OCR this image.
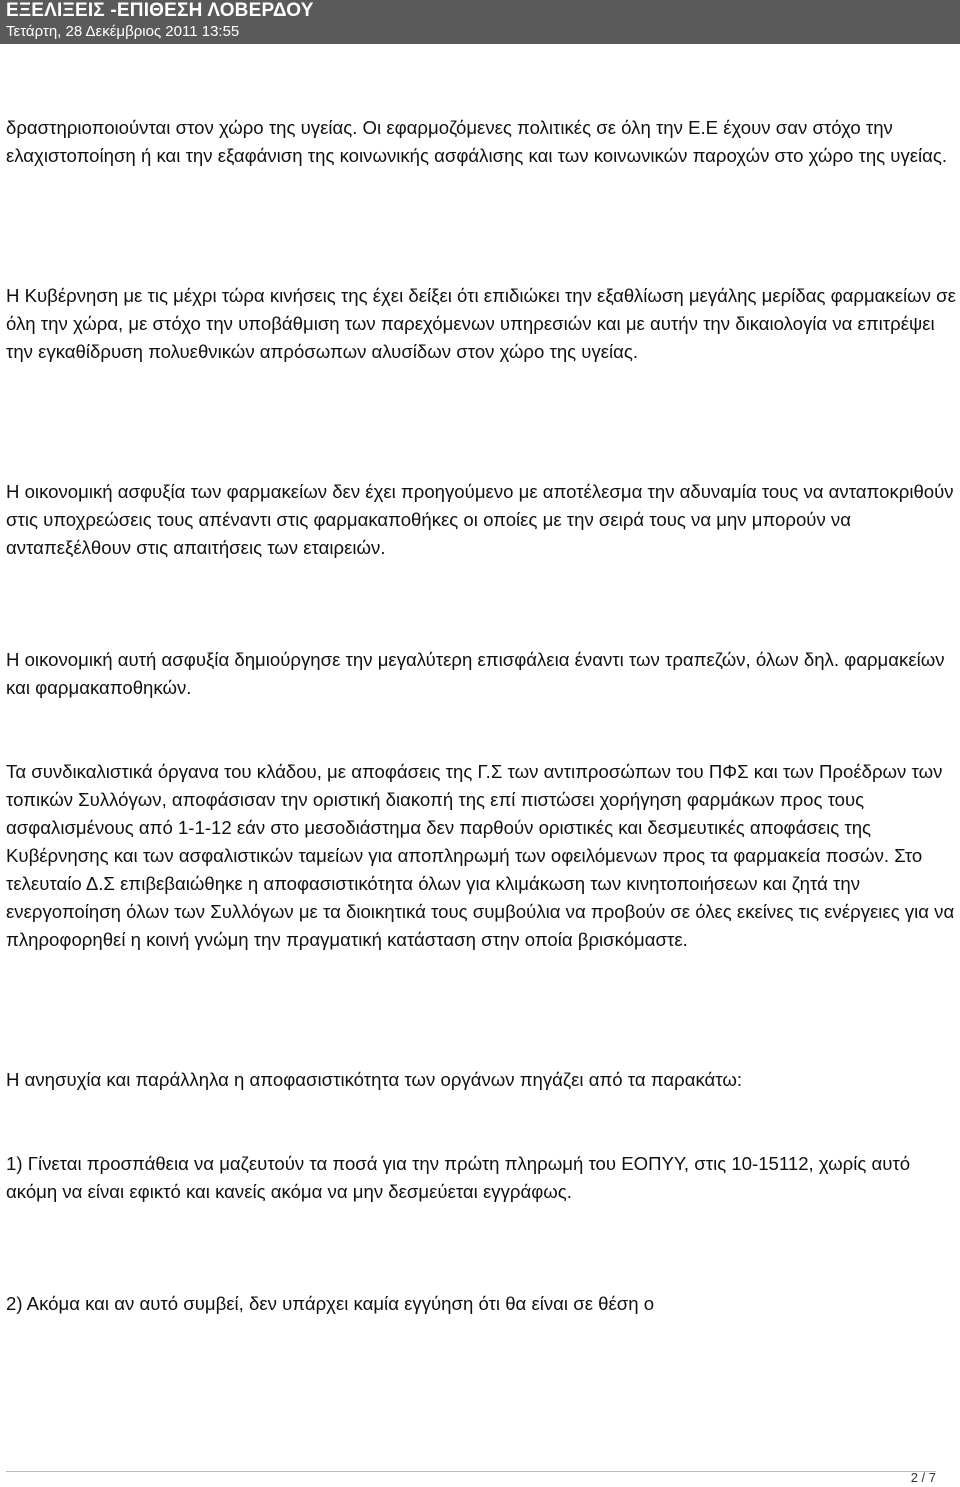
ΕΞΕΛΙΞΕΙΣ -ΕΠΙΘΕΣΗ ΛΟΒΕΡΔΟΥ
Τετάρτη, 28 Δεκέμβριος 2011 13:55

δραστηριοποιούνται στον χώρο της υγείας. Οι εφαρμοζόμενες πολιτικές σε όλη την Ε.Ε έχουν σαν στόχο την ελαχιστοποίηση ή και την εξαφάνιση της κοινωνικής ασφάλισης και των κοινωνικών παροχών στο χώρο της υγείας.

Η Κυβέρνηση με τις μέχρι τώρα κινήσεις της έχει δείξει ότι επιδιώκει την εξαθλίωση μεγάλης μερίδας φαρμακείων σε όλη την χώρα, με στόχο την υποβάθμιση των παρεχόμενων υπηρεσιών και με αυτήν την δικαιολογία να επιτρέψει την εγκαθίδρυση πολυεθνικών απρόσωπων αλυσίδων στον χώρο της υγείας.

Η οικονομική ασφυξία των φαρμακείων δεν έχει προηγούμενο με αποτέλεσμα την αδυναμία τους να ανταποκριθούν στις υποχρεώσεις τους απέναντι στις φαρμακαποθήκες οι οποίες με την σειρά τους να μην μπορούν να ανταπεξέλθουν στις απαιτήσεις των εταιρειών.

Η οικονομική αυτή ασφυξία δημιούργησε την μεγαλύτερη επισφάλεια έναντι των τραπεζών, όλων δηλ. φαρμακείων και φαρμακαποθηκών.

Τα συνδικαλιστικά όργανα του κλάδου, με αποφάσεις της Γ.Σ των αντιπροσώπων του ΠΦΣ και των Προέδρων των τοπικών Συλλόγων, αποφάσισαν την οριστική διακοπή της επί πιστώσει χορήγηση φαρμάκων προς τους ασφαλισμένους από 1-1-12 εάν στο μεσοδιάστημα δεν παρθούν οριστικές και δεσμευτικές αποφάσεις της Κυβέρνησης και των ασφαλιστικών ταμείων για αποπληρωμή των οφειλόμενων προς τα φαρμακεία ποσών. Στο τελευταίο Δ.Σ επιβεβαιώθηκε η αποφασιστικότητα όλων για κλιμάκωση των κινητοποιήσεων και ζητά την ενεργοποίηση όλων των Συλλόγων με τα διοικητικά τους συμβούλια να προβούν σε όλες εκείνες τις ενέργειες για να πληροφορηθεί η κοινή γνώμη την πραγματική κατάσταση στην οποία βρισκόμαστε.

Η ανησυχία και παράλληλα η αποφασιστικότητα των οργάνων πηγάζει από τα παρακάτω:

1) Γίνεται προσπάθεια να μαζευτούν τα ποσά για την πρώτη πληρωμή του ΕΟΠΥΥ, στις 10-15112, χωρίς αυτό ακόμη να είναι εφικτό και κανείς ακόμα να μην δεσμεύεται εγγράφως.

2) Ακόμα και αν αυτό συμβεί, δεν υπάρχει καμία εγγύηση ότι θα είναι σε θέση ο

2 / 7
